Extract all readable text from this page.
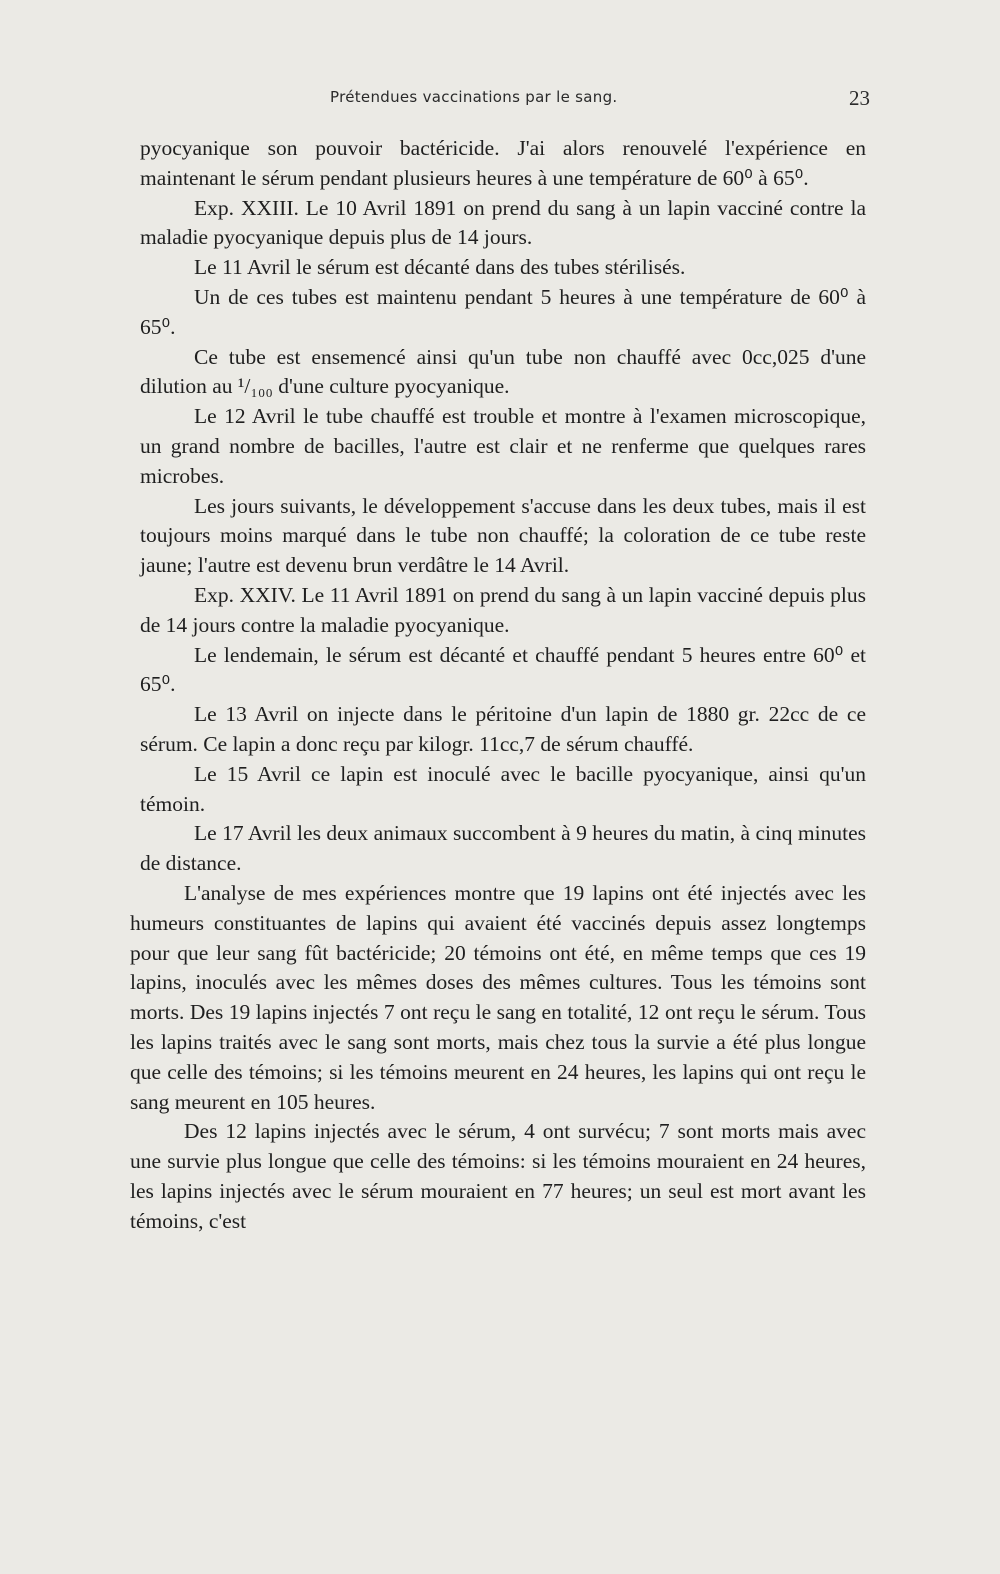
Prétendues vaccinations par le sang.	23

pyocyanique son pouvoir bactéricide. J'ai alors renouvelé l'expérience en maintenant le sérum pendant plusieurs heures à une température de 60⁰ à 65⁰.

Exp. XXIII. Le 10 Avril 1891 on prend du sang à un lapin vacciné contre la maladie pyocyanique depuis plus de 14 jours.

Le 11 Avril le sérum est décanté dans des tubes stérilisés.

Un de ces tubes est maintenu pendant 5 heures à une température de 60⁰ à 65⁰.

Ce tube est ensemencé ainsi qu'un tube non chauffé avec 0cc,025 d'une dilution au ¹/₁₀₀ d'une culture pyocyanique.

Le 12 Avril le tube chauffé est trouble et montre à l'examen microscopique, un grand nombre de bacilles, l'autre est clair et ne renferme que quelques rares microbes.

Les jours suivants, le développement s'accuse dans les deux tubes, mais il est toujours moins marqué dans le tube non chauffé; la coloration de ce tube reste jaune; l'autre est devenu brun verdâtre le 14 Avril.

Exp. XXIV. Le 11 Avril 1891 on prend du sang à un lapin vacciné depuis plus de 14 jours contre la maladie pyocyanique.

Le lendemain, le sérum est décanté et chauffé pendant 5 heures entre 60⁰ et 65⁰.

Le 13 Avril on injecte dans le péritoine d'un lapin de 1880 gr. 22cc de ce sérum. Ce lapin a donc reçu par kilogr. 11cc,7 de sérum chauffé.

Le 15 Avril ce lapin est inoculé avec le bacille pyocyanique, ainsi qu'un témoin.

Le 17 Avril les deux animaux succombent à 9 heures du matin, à cinq minutes de distance.

L'analyse de mes expériences montre que 19 lapins ont été injectés avec les humeurs constituantes de lapins qui avaient été vaccinés depuis assez longtemps pour que leur sang fût bactéricide; 20 témoins ont été, en même temps que ces 19 lapins, inoculés avec les mêmes doses des mêmes cultures. Tous les témoins sont morts. Des 19 lapins injectés 7 ont reçu le sang en totalité, 12 ont reçu le sérum. Tous les lapins traités avec le sang sont morts, mais chez tous la survie a été plus longue que celle des témoins; si les témoins meurent en 24 heures, les lapins qui ont reçu le sang meurent en 105 heures.

Des 12 lapins injectés avec le sérum, 4 ont survécu; 7 sont morts mais avec une survie plus longue que celle des témoins: si les témoins mouraient en 24 heures, les lapins injectés avec le sérum mouraient en 77 heures; un seul est mort avant les témoins, c'est
